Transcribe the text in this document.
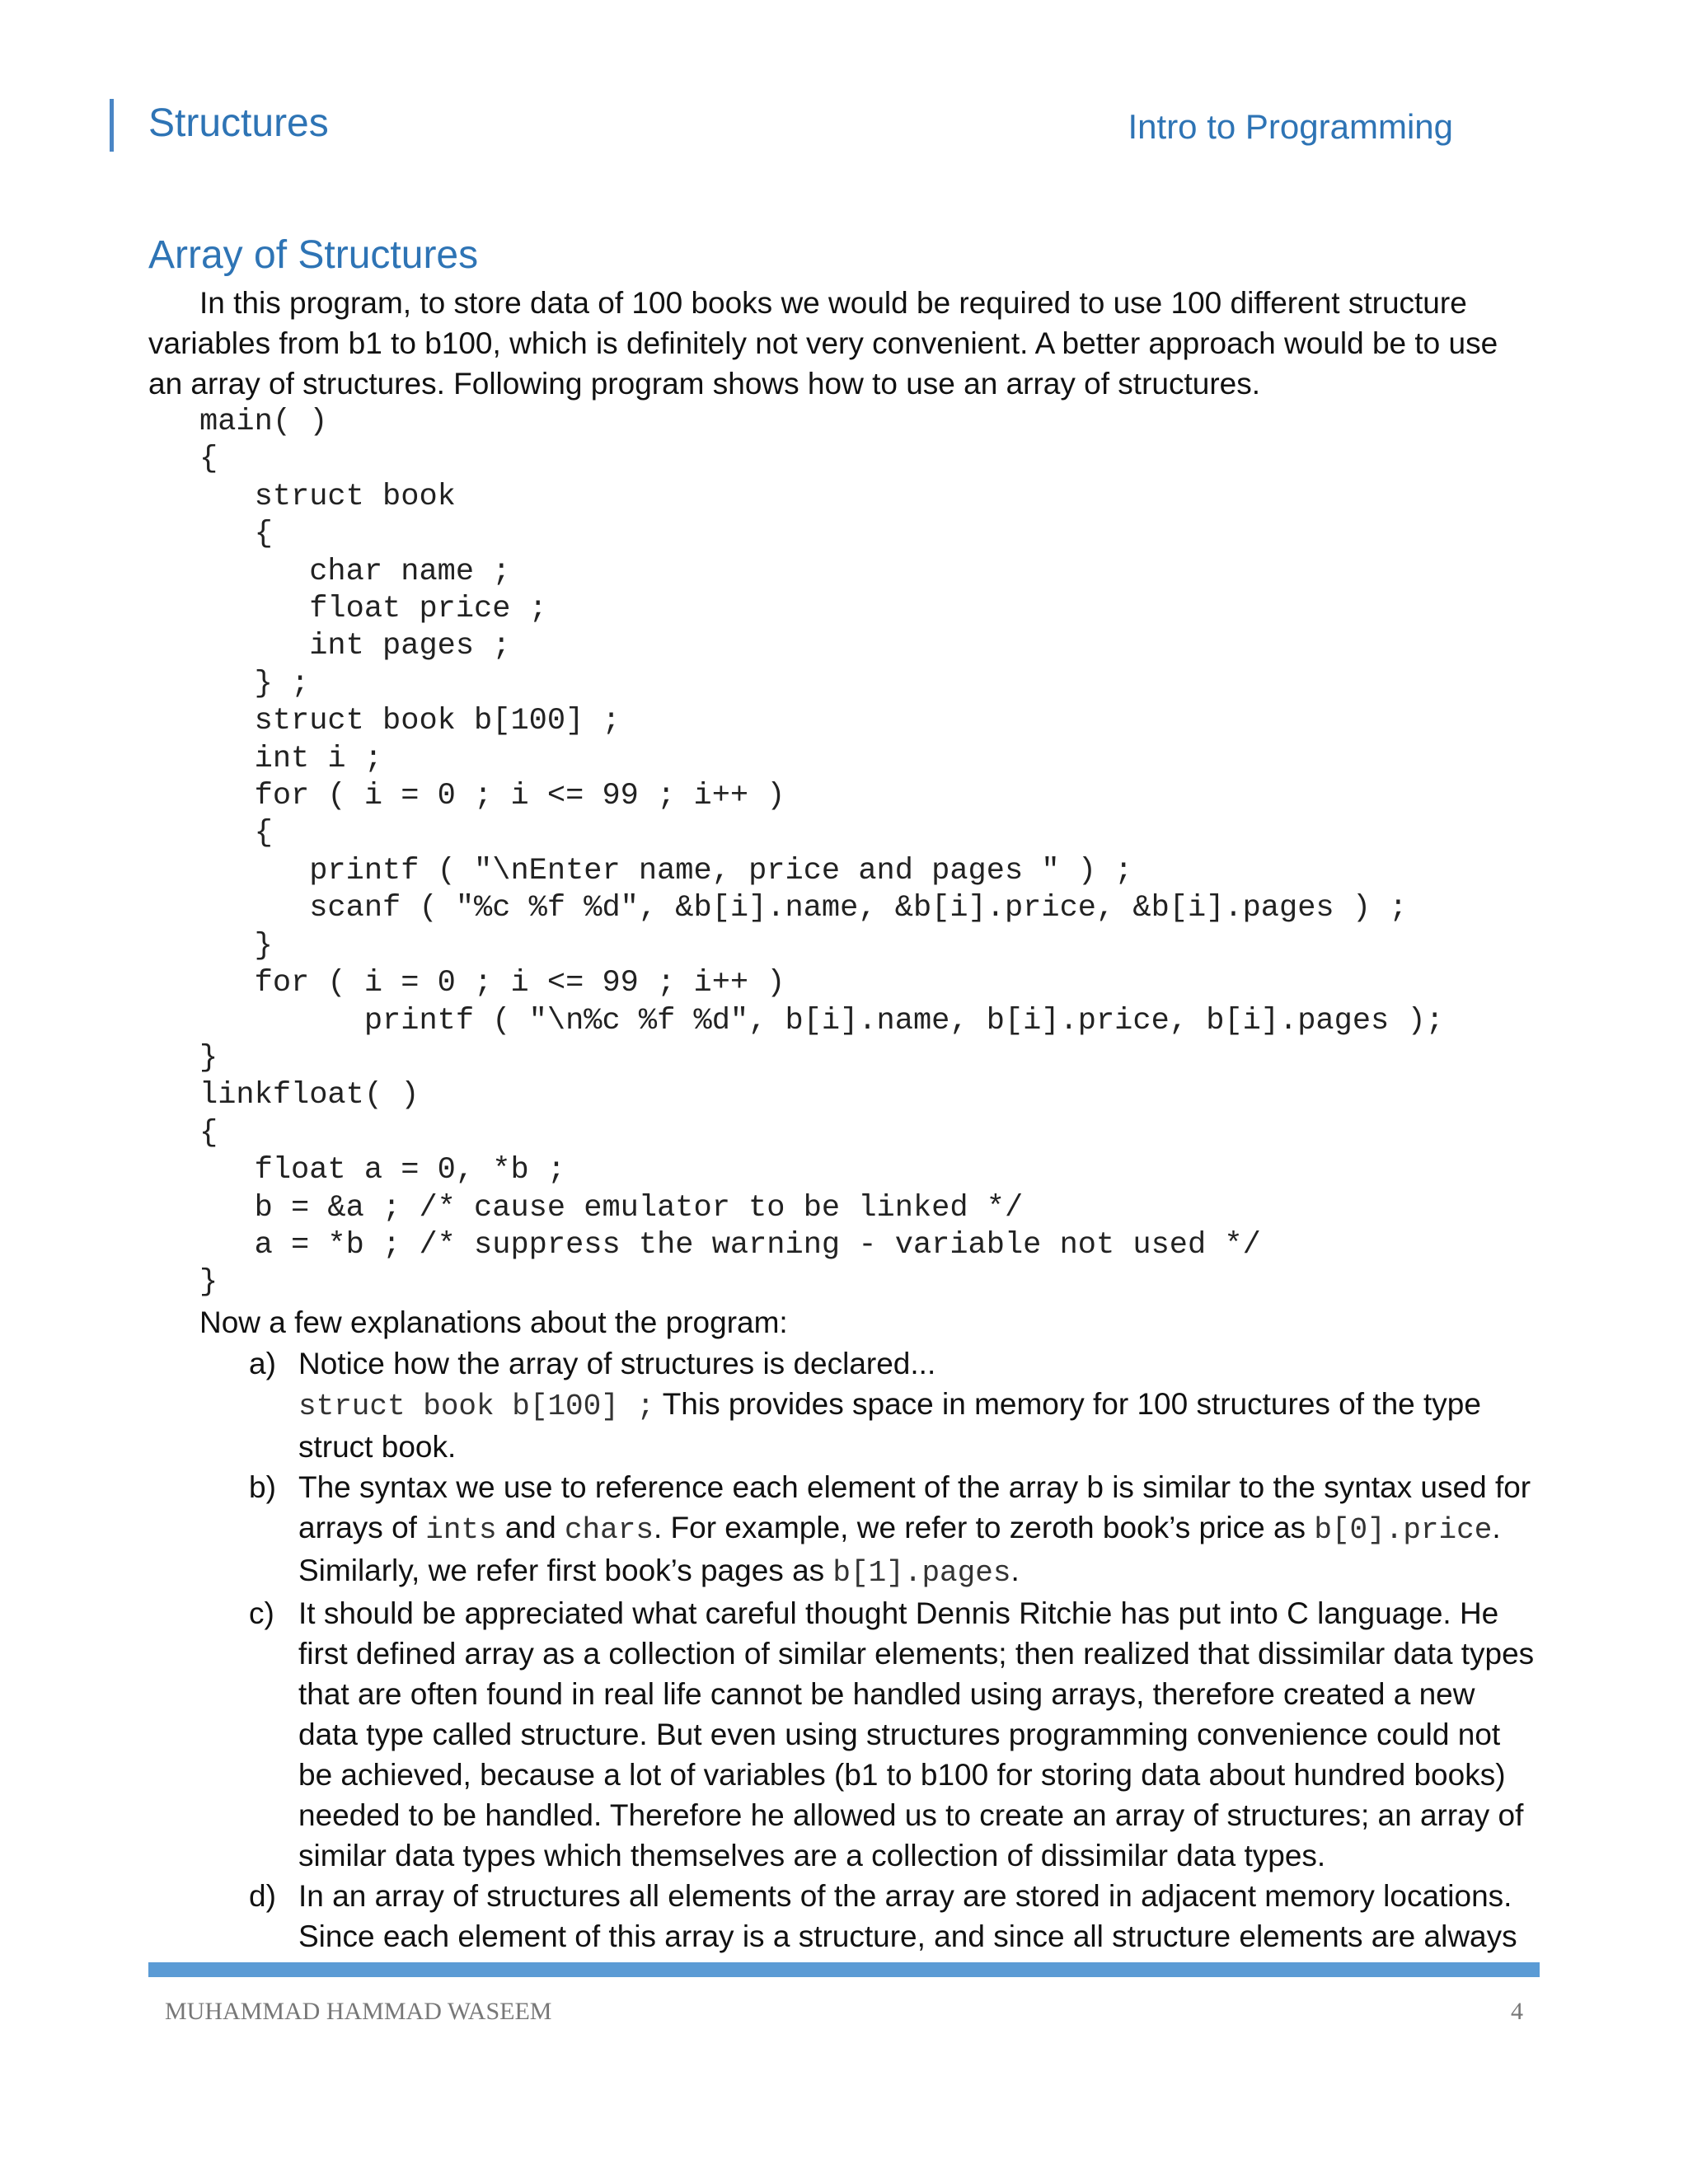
Structures	Intro to Programming
Array of Structures
In this program, to store data of 100 books we would be required to use 100 different structure
variables from b1 to b100, which is definitely not very convenient. A better approach would be to use
an array of structures. Following program shows how to use an array of structures.
main( )
{
struct book
{
char name ;
float price ;
int pages ;
} ;
struct book b[100] ;
int i ;
for ( i = 0 ; i <= 99 ; i++ )
{
printf ( "\nEnter name, price and pages " ) ;
scanf ( "%c %f %d", &b[i].name, &b[i].price, &b[i].pages ) ;
}
for ( i = 0 ; i <= 99 ; i++ )
printf ( "\n%c %f %d", b[i].name, b[i].price, b[i].pages );
}
linkfloat( )
{
float a = 0, *b ;
b = &a ; /* cause emulator to be linked */
a = *b ; /* suppress the warning - variable not used */
}
Now a few explanations about the program:
a) Notice how the array of structures is declared...
struct book b[100] ; This provides space in memory for 100 structures of the type
struct book.
b) The syntax we use to reference each element of the array b is similar to the syntax used for
arrays of ints and chars. For example, we refer to zeroth book’s price as b[0].price.
Similarly, we refer first book’s pages as b[1].pages.
c) It should be appreciated what careful thought Dennis Ritchie has put into C language. He
first defined array as a collection of similar elements; then realized that dissimilar data types
that are often found in real life cannot be handled using arrays, therefore created a new
data type called structure. But even using structures programming convenience could not
be achieved, because a lot of variables (b1 to b100 for storing data about hundred books)
needed to be handled. Therefore he allowed us to create an array of structures; an array of
similar data types which themselves are a collection of dissimilar data types.
d) In an array of structures all elements of the array are stored in adjacent memory locations.
Since each element of this array is a structure, and since all structure elements are always
MUHAMMAD HAMMAD WASEEM	4
